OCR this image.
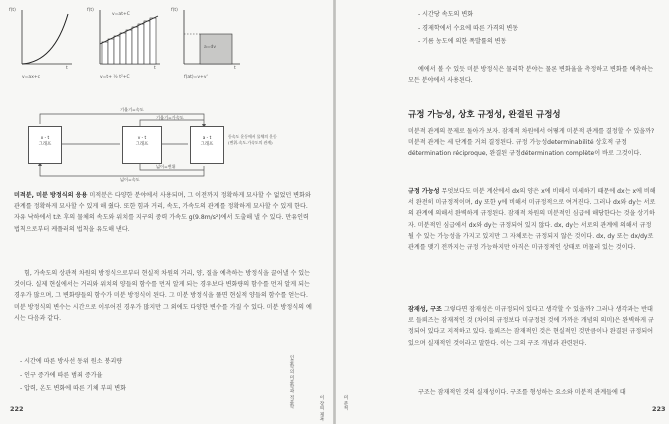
f(t)
t
v=ax+c
v=at+C
f(t)
t
v=t+ ½ t²+C
a=dv
f(t)
t
f(at)=v+v'
x - t
그래프
v - t
그래프
a - t
그래프
기울기=속도
기울기=가속도
넓이=변위
넓이=속도
등속도 운동에서 물체의 운동
(변위-속도-가속도의 관계)
미적분, 미분 방정식의 응용 미적분은 다양한 분야에서 사용되며, 그 이전까지 정확하게 묘사할 수 없었던 변화와 관계를 정확하게 묘사할 수 있게 해 줬다. 또한 힘과 거리, 속도, 가속도의 관계를 정확하게 묘사할 수 있게 한다. 자유 낙하에서 t초 후의 물체의 속도와 위치를 지구의 중력 가속도 g(9.8m/s²)에서 도출해 낼 수 있다. 만유인력 법칙으로부터 케플러의 법칙을 유도해 낸다.
힘, 가속도의 상관적 차원의 방정식으로부터 현실적 차원의 거리, 양, 질을 예측하는 방정식을 끌어낼 수 있는 것이다. 실제 현실에서는 거리와 위치의 양들의 함수를 먼저 알게 되는 경우보다 변화량의 함수를 먼저 알게 되는 경우가 많으며, 그 변화량들의 함수가 미분 방정식이 된다. 그 미분 방정식을 풀면 현실적 양들의 함수를 얻는다. 미분 방정식의 변수는 시간으로 이루어진 경우가 많지만 그 외에도 다양한 변수를 가질 수 있다. 미분 방정식의 예시는 다음과 같다.
- 시간에 따른 방사선 동위 원소 붕괴량
- 인구 증가에 따른 범죄 증가율
- 압력, 온도 변화에 따른 기체 부피 변화
222
인문학의 미분학과 적분학	이 장의 제목
- 시간당 속도의 변화
- 경제학에서 수요에 따른 가격의 변동
- 기름 농도에 의한 폭발률의 변동
예에서 볼 수 있듯 미분 방정식은 물리학 분야는 물론 변화율을 측정하고 변화를 예측하는 모든 분야에서 사용된다.
규정 가능성, 상호 규정성, 완결된 규정성
미분적 관계의 문제로 돌아가 보자. 잠재적 차원에서 어떻게 미분적 관계를 결정할 수 있을까? 미분적 관계는 세 단계를 거쳐 결정된다. 규정 가능성determinabilité 상호적 규정détermination réciproque, 완결된 규정détermination complète이 바로 그것이다.
규정 가능성 무엇보다도 미분 계산에서 dx의 양은 x에 비해서 미세하기 때문에 dx는 x에 비해서 완전히 미규정적이며, dy 또한 y에 비해서 미규정적으로 여겨진다. 그러나 dx와 dy는 서로의 관계에 의해서 완벽하게 규정된다. 잠재적 차원의 미분적인 심급에 해당한다는 것을 상기하자. 미분적인 심급에서 dx와 dy는 규정되어 있지 않다. dx, dy는 서로의 관계에 의해서 규정될 수 있는 가능성을 가지고 있지만 그 자체로는 규정되지 않은 것이다. dx, dy 또는 dx/dy로 관계를 맺기 전까지는 규정 가능하지만 아직은 미규정적인 상태로 머물러 있는 것이다.
잠재성, 구조 그렇다면 잠재성은 미규정되어 있다고 생각할 수 있을까? 그러나 생각과는 반대로 들뢰즈는 잠재적인 것 (차이의 규정보다 미규정된 것에 가까운 개념의 의미)은 완벽하게 규정되어 있다고 지적하고 있다. 들뢰즈는 잠재적인 것은 현실적인 것만큼이나 완결된 규정되어 있으며 실재적인 것이라고 말한다. 이는 그의 구조 개념과 관련된다.
구조는 잠재적인 것의 실재성이다. 구조를 형성하는 요소와 미분적 관계들에 대
223
미 분적
